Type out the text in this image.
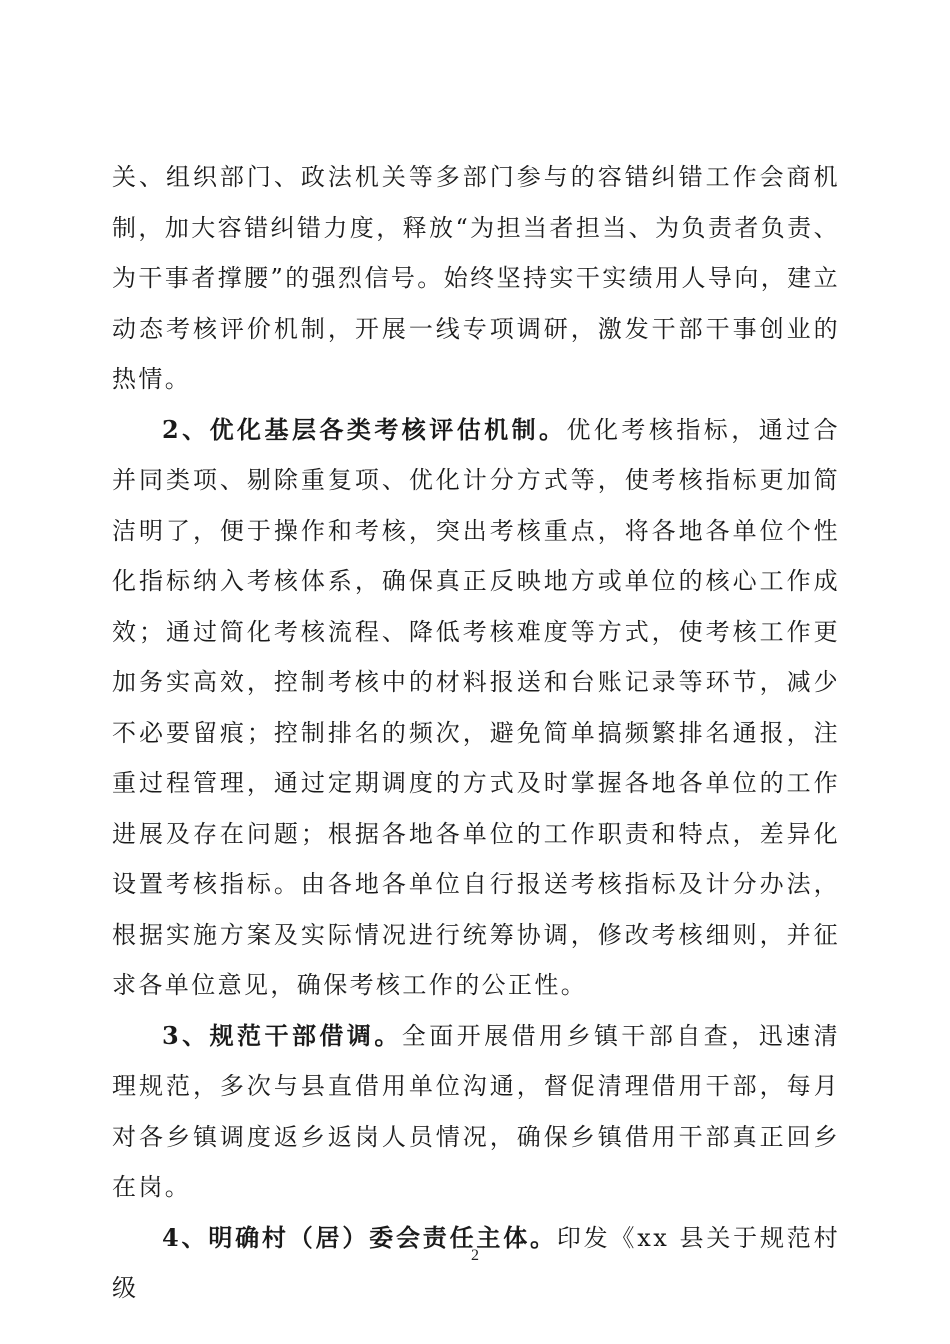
关、组织部门、政法机关等多部门参与的容错纠错工作会商机制，加大容错纠错力度，释放“为担当者担当、为负责者负责、为干事者撑腰”的强烈信号。始终坚持实干实绩用人导向，建立动态考核评价机制，开展一线专项调研，激发干部干事创业的热情。

2、优化基层各类考核评估机制。优化考核指标，通过合并同类项、剔除重复项、优化计分方式等，使考核指标更加简洁明了，便于操作和考核，突出考核重点，将各地各单位个性化指标纳入考核体系，确保真正反映地方或单位的核心工作成效；通过简化考核流程、降低考核难度等方式，使考核工作更加务实高效，控制考核中的材料报送和台账记录等环节，减少不必要留痕；控制排名的频次，避免简单搞频繁排名通报，注重过程管理，通过定期调度的方式及时掌握各地各单位的工作进展及存在问题；根据各地各单位的工作职责和特点，差异化设置考核指标。由各地各单位自行报送考核指标及计分办法，根据实施方案及实际情况进行统筹协调，修改考核细则，并征求各单位意见，确保考核工作的公正性。

3、规范干部借调。全面开展借用乡镇干部自查，迅速清理规范，多次与县直借用单位沟通，督促清理借用干部，每月对各乡镇调度返乡返岗人员情况，确保乡镇借用干部真正回乡在岗。

4、明确村（居）委会责任主体。印发《xx 县关于规范村级

2
